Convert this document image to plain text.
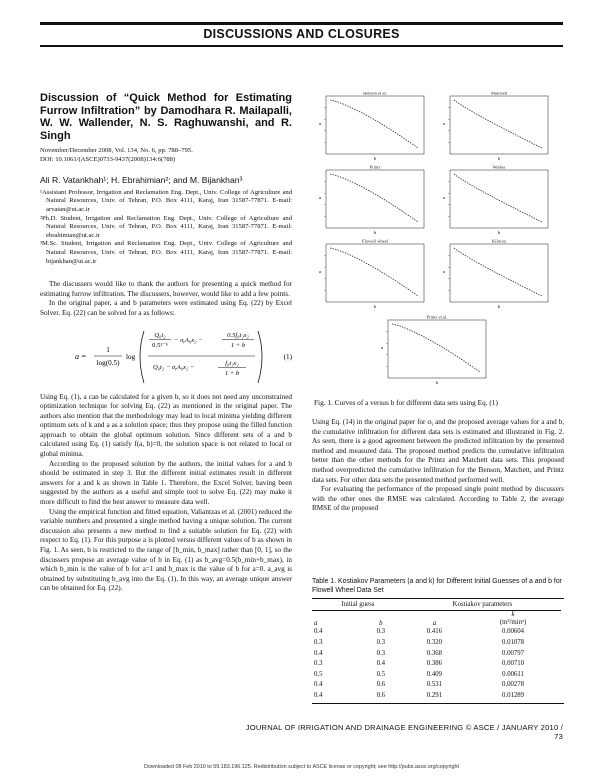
DISCUSSIONS AND CLOSURES
Discussion of “Quick Method for Estimating Furrow Infiltration” by Damodhara R. Mailapalli, W. W. Wallender, N. S. Raghuwanshi, and R. Singh
November/December 2008, Vol. 134, No. 6, pp. 788–795.
DOI: 10.1061/(ASCE)0733-9437(2008)134:6(788)
Ali R. Vatankhah¹; H. Ebrahimian²; and M. Bijankhan³
¹Assistant Professor, Irrigation and Reclamation Eng. Dept., Univ. College of Agriculture and Natural Resources, Univ. of Tehran, P.O. Box 4111, Karaj, Iran 31587-77871. E-mail: arvatan@ut.ac.ir
²Ph.D. Student, Irrigation and Reclamation Eng. Dept., Univ. College of Agriculture and Natural Resources, Univ. of Tehran, P.O. Box 4111, Karaj, Iran 31587-77871. E-mail: ebrahimian@ut.ac.ir
³M.Sc. Student, Irrigation and Reclamation Eng. Dept., Univ. College of Agriculture and Natural Resources, Univ. of Tehran, P.O. Box 4111, Karaj, Iran 31587-77871. E-mail: bijankhan@ut.ac.ir

The discussers would like to thank the authors for presenting a quick method for estimating furrow infiltration. The discussers, however, would like to add a few points.

In the original paper, a and b parameters were estimated using Eq. (22) by Excel Solver. Eq. (22) can be solved for a as follows:

a =
1
log(0.5)
log
Q₀t₂
0.5¹⁻ᵇ
− σᵧA₀x₂ −
0.5f₀t₂x₂
1 + b
Q₀t₂ − σᵧA₀x₂ −
f₀t₂x₂
1 + b
(1)

Using Eq. (1), a can be calculated for a given b, so it does not need any unconstrained optimization technique for solving Eq. (22) as mentioned in the original paper. The authors also mention that the methodology may lead to local minima yielding different optimum sets of k and a as a solution space; thus they propose using the filled function approach to obtain the global optimum solution. Since different sets of a and b calculated using Eq. (1) satisfy f(a, b)=0, the solution space is not related to local or global minima.

According to the proposed solution by the authors, the initial values for a and b should be estimated in step 3. But the different initial estimates result in different answers for a and k as shown in Table 1. Therefore, the Excel Solver, having been suggested by the authors as a useful and simple tool to solve Eq. (22) may make it more difficult to find the best answer to measure data well.

Using the empirical function and fitted equation, Valiantzas et al. (2001) reduced the variable numbers and presented a single method having a unique solution. The current discussion also presents a new method to find a suitable solution for Eq. (22) with respect to Eq. (1). For this purpose a is plotted versus different values of b as shown in Fig. 1. As seen, b is restricted to the range of [b_min, b_max] rather than [0, 1], so the discussers propose an average value of b in Eq. (1) as b_avg=0.5(b_min+b_max), in which b_min is the value of b for a=1 and b_max is the value of b for a=0. a_avg is obtained by substituting b_avg into the Eq. (1). In this way, an average unique answer can be obtained for Eq. (22).

Benson et al.
b
a
Matchett
b
a
Printz
b
a
Walker
b
a
Flowell wheel
b
a
Kiloroz
b
a
Printz et al.
b
a
Fig. 1. Curves of a versus b for different data sets using Eq. (1)

Using Eq. (14) in the original paper for σᵧ and the proposed average values for a and b, the cumulative infiltration for different data sets is estimated and illustrated in Fig. 2. As seen, there is a good agreement between the predicted infiltration by the presented method and measured data. The proposed method predicts the cumulative infiltration better than the other methods for the Printz and Matchett data sets. This proposed method overpredicted the cumulative infiltration for the Benson, Matchett, and Printz data sets. For other data sets the presented method performed well.

For evaluating the performance of the proposed single point method by discussers with the other ones the RMSE was calculated. According to Table 2, the average RMSE of the proposed

Table 1. Kostiakov Parameters (a and k) for Different Initial Guesses of a and b for Flowell Wheel Data Set
Initial guess		Kostiakov parameters	
a	b	a	k
(m²/minᵃ)

0.4	0.3	0.416	0.00604
0.3	0.3	0.320	0.01078
0.4	0.3	0.368	0.00797
0.3	0.4	0.386	0.00710
0.5	0.5	0.409	0.00611
0.4	0.6	0.531	0.00278
0.4	0.6	0.291	0.01289
JOURNAL OF IRRIGATION AND DRAINAGE ENGINEERING © ASCE / JANUARY 2010 / 73
Downloaded 08 Feb 2010 to 59.183.196.125. Redistribution subject to ASCE license or copyright; see http://pubs.asce.org/copyright
